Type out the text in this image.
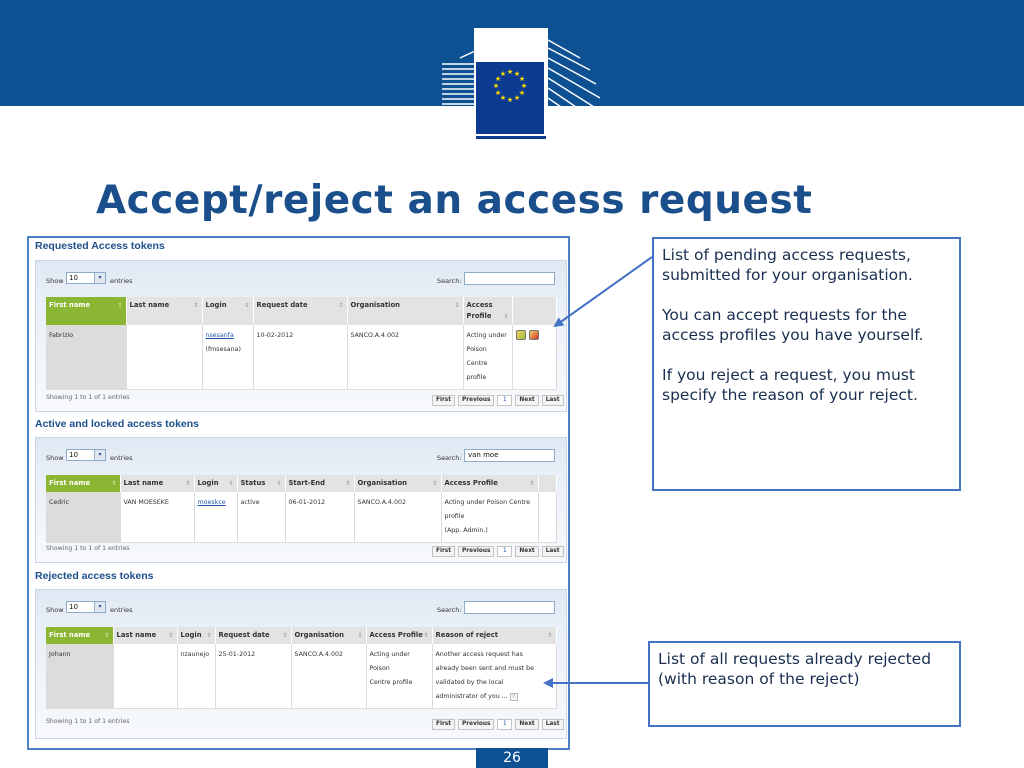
★ ★
★
★
★
★
★
★
★
★
★
★
European
Commission
Accept/reject an access request
Requested Access tokens
Show 10	▾	entries	Search:
First name ⇕	Last name ⇕	Login ⇕	Request date ⇕	Organisation ⇕	Access Profile ⇕	

Fabrizio		nsesanfa
(fmsesana)	10-02-2012	SANCO.A.4.002	Acting under
Poison
Centre profile	
Showing 1 to 1 of 1 entries	First	Previous	1	Next	Last
Active and locked access tokens
Show 10	▾	entries	Search: van moe
First name ⇕	Last name ⇕	Login ⇕	Status ⇕	Start-End ⇕	Organisation ⇕	Access Profile ⇕	

Cedric	VAN MOESEKE	moeskce	active	06-01-2012	SANCO.A.4.002	Acting under Poison Centre
profile
(App. Admin.)	
Showing 1 to 1 of 1 entries	First	Previous	1	Next	Last
Rejected access tokens
Show 10	▾	entries	Search:
First name ⇕	Last name ⇕	Login ⇕	Request date ⇕	Organisation ⇕	Access Profile ⇕	Reason of reject ⇕

Johann		nzaunejo	25-01-2012	SANCO.A.4.002	Acting under
Poison
Centre profile	Another access request has
already been sent and must be
validated by the local
administrator of you ... ?
Showing 1 to 1 of 1 entries	First	Previous	1	Next	Last

List of pending access requests, submitted for your organisation.

You can accept requests for the access profiles you have yourself.

If you reject a request, you must specify the reason of your reject.

List of all requests already rejected (with reason of the reject)

26
